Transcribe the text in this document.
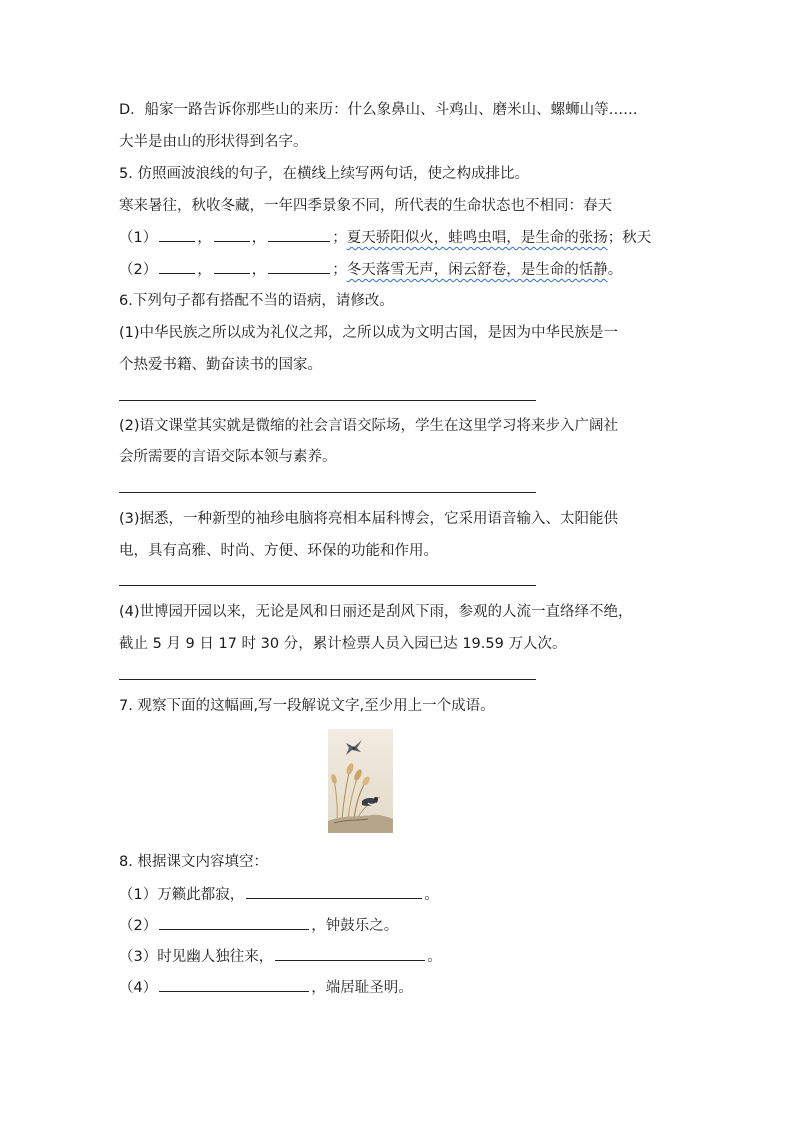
D．船家一路告诉你那些山的来历：什么象鼻山、斗鸡山、磨米山、螺蛳山等……
大半是由山的形状得到名字。
5. 仿照画波浪线的句子，在横线上续写两句话，使之构成排比。
寒来暑往，秋收冬藏，一年四季景象不同，所代表的生命状态也不相同：春天
（1）	，	，	；夏天骄阳似火，蛙鸣虫唱，是生命的张扬；秋天
（2）	，	，	；冬天落雪无声，闲云舒卷，是生命的恬静。
6.下列句子都有搭配不当的语病，请修改。
(1)中华民族之所以成为礼仪之邦，之所以成为文明古国，是因为中华民族是一
个热爱书籍、勤奋读书的国家。
(2)语文课堂其实就是微缩的社会言语交际场，学生在这里学习将来步入广阔社
会所需要的言语交际本领与素养。
(3)据悉，一种新型的袖珍电脑将亮相本届科博会，它采用语音输入、太阳能供
电，具有高雅、时尚、方便、环保的功能和作用。
(4)世博园开园以来，无论是风和日丽还是刮风下雨，参观的人流一直络绎不绝，
截止 5 月 9 日 17 时 30 分，累计检票人员入园已达 19.59 万人次。
7. 观察下面的这幅画,写一段解说文字,至少用上一个成语。
8. 根据课文内容填空：
（1）万籁此都寂，	。
（2）	，钟鼓乐之。
（3）时见幽人独往来，	。
（4）	，端居耻圣明。
